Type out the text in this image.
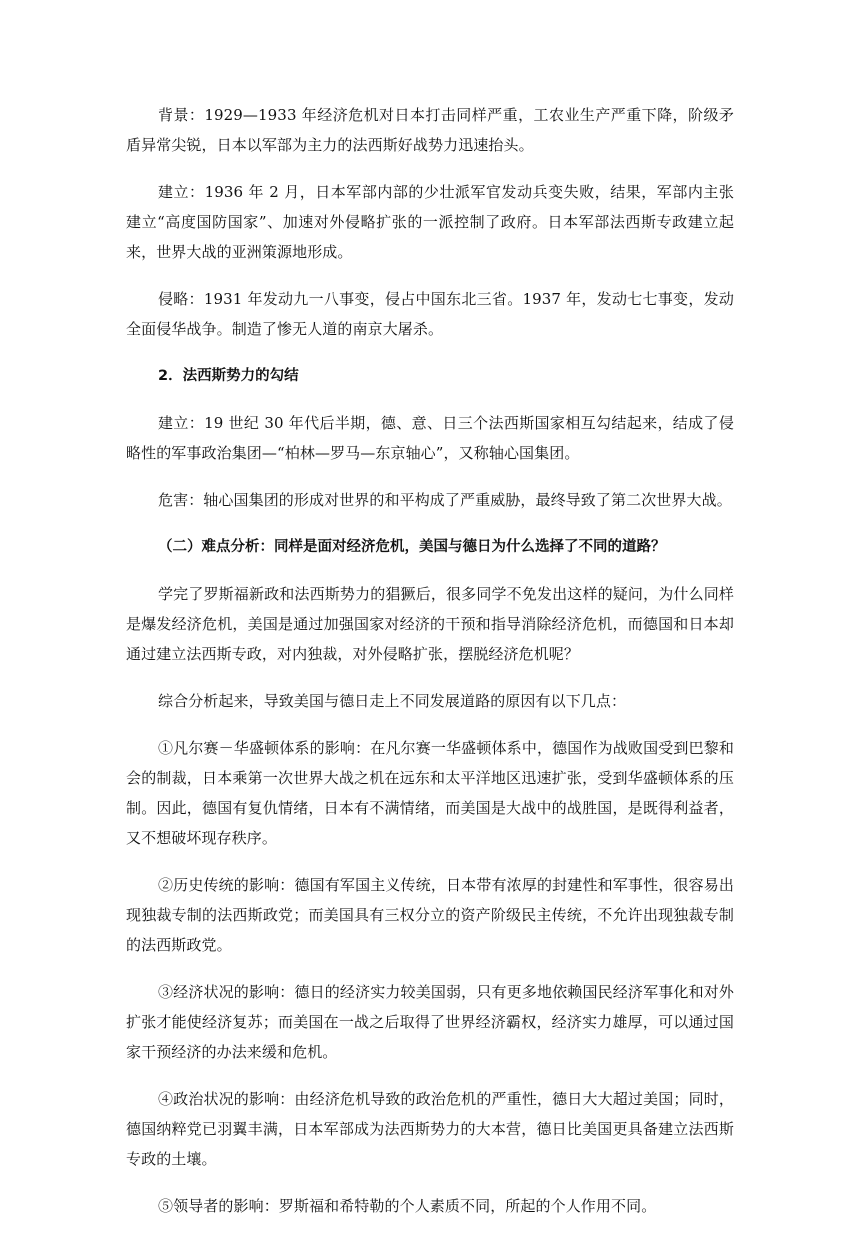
背景：1929—1933 年经济危机对日本打击同样严重，工农业生产严重下降，阶级矛盾异常尖锐，日本以军部为主力的法西斯好战势力迅速抬头。

建立：1936 年 2 月，日本军部内部的少壮派军官发动兵变失败，结果，军部内主张建立“高度国防国家”、加速对外侵略扩张的一派控制了政府。日本军部法西斯专政建立起来，世界大战的亚洲策源地形成。

侵略：1931 年发动九一八事变，侵占中国东北三省。1937 年，发动七七事变，发动全面侵华战争。制造了惨无人道的南京大屠杀。

2．法西斯势力的勾结

建立：19 世纪 30 年代后半期，德、意、日三个法西斯国家相互勾结起来，结成了侵略性的军事政治集团—“柏林—罗马—东京轴心”，又称轴心国集团。

危害：轴心国集团的形成对世界的和平构成了严重威胁，最终导致了第二次世界大战。

（二）难点分析：同样是面对经济危机，美国与德日为什么选择了不同的道路？

学完了罗斯福新政和法西斯势力的猖獗后，很多同学不免发出这样的疑问，为什么同样是爆发经济危机，美国是通过加强国家对经济的干预和指导消除经济危机，而德国和日本却通过建立法西斯专政，对内独裁，对外侵略扩张，摆脱经济危机呢？

综合分析起来，导致美国与德日走上不同发展道路的原因有以下几点：

①凡尔赛－华盛顿体系的影响：在凡尔赛一华盛顿体系中，德国作为战败国受到巴黎和会的制裁，日本乘第一次世界大战之机在远东和太平洋地区迅速扩张，受到华盛顿体系的压制。因此，德国有复仇情绪，日本有不满情绪，而美国是大战中的战胜国，是既得利益者，又不想破坏现存秩序。

②历史传统的影响：德国有军国主义传统，日本带有浓厚的封建性和军事性，很容易出现独裁专制的法西斯政党；而美国具有三权分立的资产阶级民主传统，不允许出现独裁专制的法西斯政党。

③经济状况的影响：德日的经济实力较美国弱，只有更多地依赖国民经济军事化和对外扩张才能使经济复苏；而美国在一战之后取得了世界经济霸权，经济实力雄厚，可以通过国家干预经济的办法来缓和危机。

④政治状况的影响：由经济危机导致的政治危机的严重性，德日大大超过美国；同时，德国纳粹党已羽翼丰满，日本军部成为法西斯势力的大本营，德日比美国更具备建立法西斯专政的土壤。

⑤领导者的影响：罗斯福和希特勒的个人素质不同，所起的个人作用不同。
